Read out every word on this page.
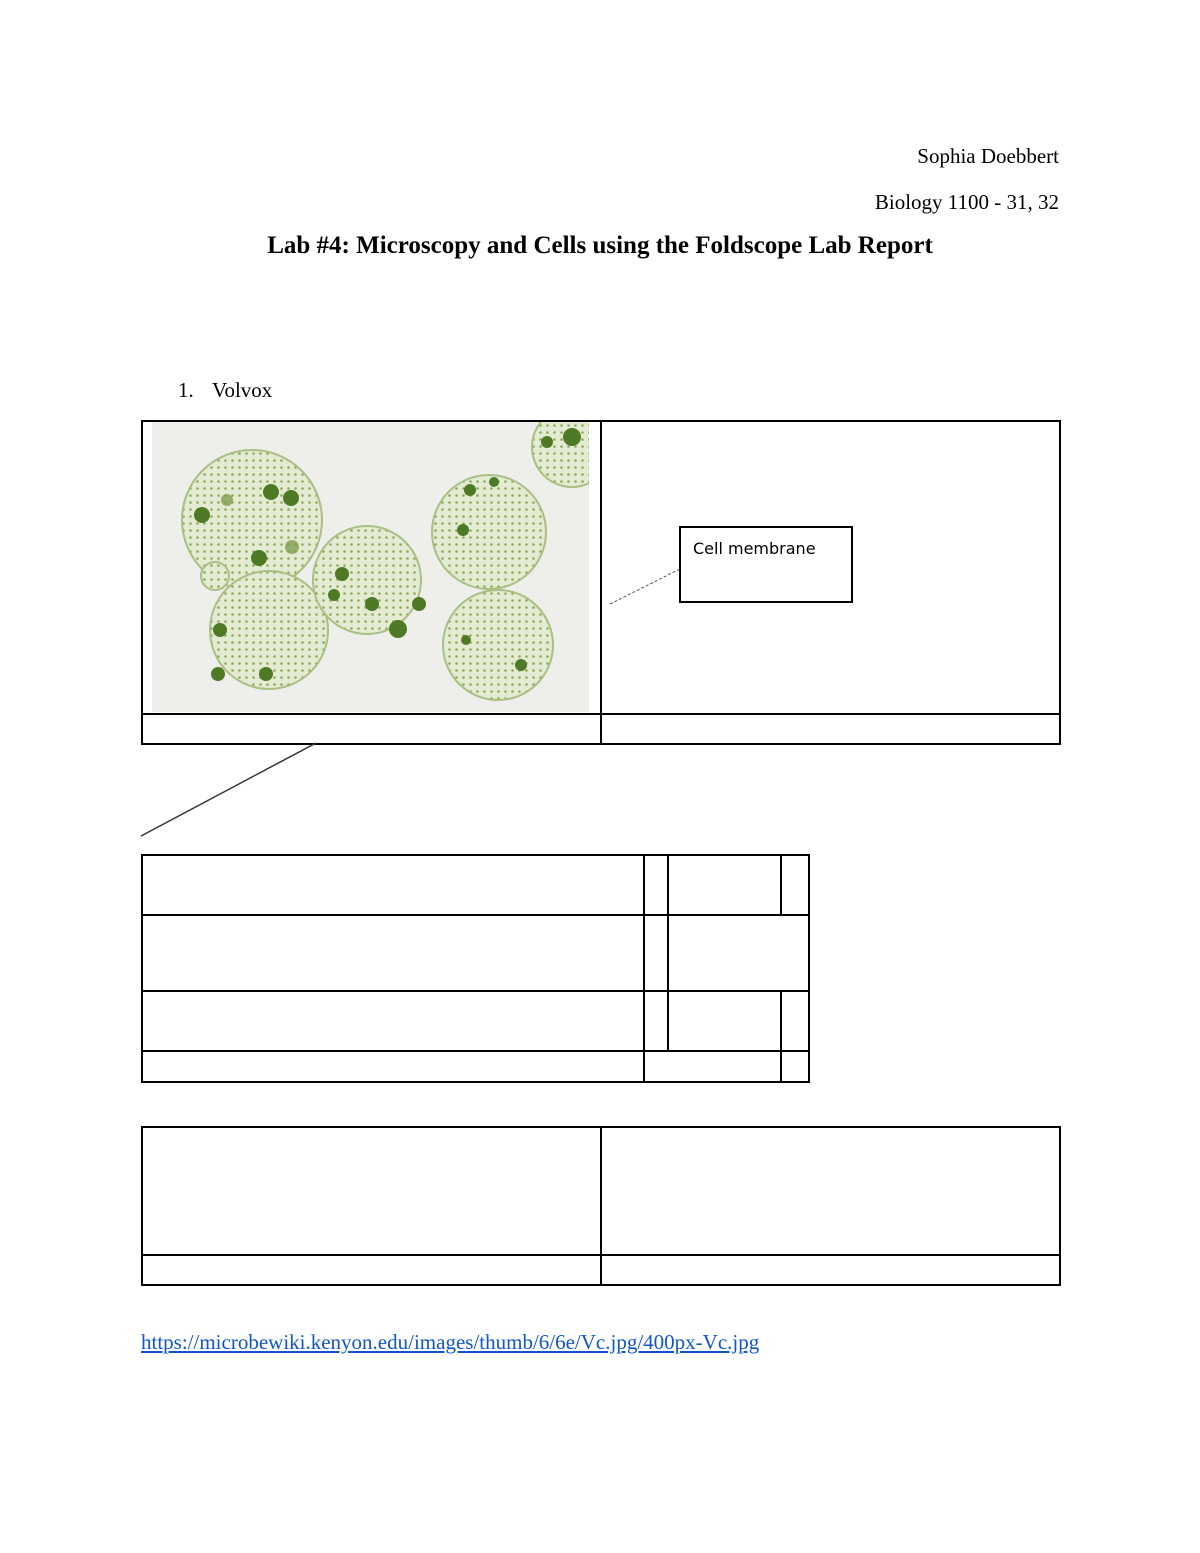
Sophia Doebbert
Biology 1100 - 31, 32
Lab #4: Microscopy and Cells using the Foldscope Lab Report
1. Volvox
Cell membrane
https://microbewiki.kenyon.edu/images/thumb/6/6e/Vc.jpg/400px-Vc.jpg
